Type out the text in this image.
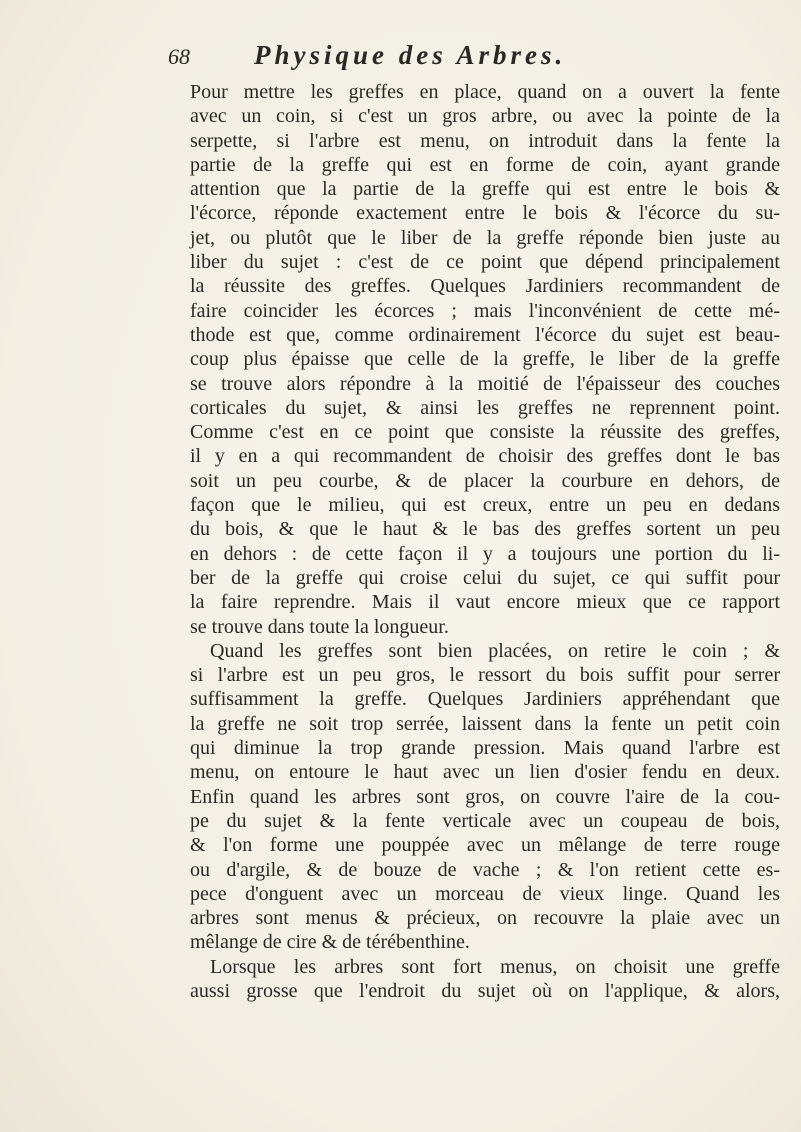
68 Physique des Arbres.
Pour mettre les greffes en place, quand on a ouvert la fente
avec un coin, si c'est un gros arbre, ou avec la pointe de la
serpette, si l'arbre est menu, on introduit dans la fente la
partie de la greffe qui est en forme de coin, ayant grande
attention que la partie de la greffe qui est entre le bois &
l'écorce, réponde exactement entre le bois & l'écorce du su-
jet, ou plutôt que le liber de la greffe réponde bien juste au
liber du sujet : c'est de ce point que dépend principalement
la réussite des greffes. Quelques Jardiniers recommandent de
faire coincider les écorces ; mais l'inconvénient de cette mé-
thode est que, comme ordinairement l'écorce du sujet est beau-
coup plus épaisse que celle de la greffe, le liber de la greffe
se trouve alors répondre à la moitié de l'épaisseur des couches
corticales du sujet, & ainsi les greffes ne reprennent point.
Comme c'est en ce point que consiste la réussite des greffes,
il y en a qui recommandent de choisir des greffes dont le bas
soit un peu courbe, & de placer la courbure en dehors, de
façon que le milieu, qui est creux, entre un peu en dedans
du bois, & que le haut & le bas des greffes sortent un peu
en dehors : de cette façon il y a toujours une portion du li-
ber de la greffe qui croise celui du sujet, ce qui suffit pour
la faire reprendre. Mais il vaut encore mieux que ce rapport
se trouve dans toute la longueur.
Quand les greffes sont bien placées, on retire le coin ; &
si l'arbre est un peu gros, le ressort du bois suffit pour serrer
suffisamment la greffe. Quelques Jardiniers appréhendant que
la greffe ne soit trop serrée, laissent dans la fente un petit coin
qui diminue la trop grande pression. Mais quand l'arbre est
menu, on entoure le haut avec un lien d'osier fendu en deux.
Enfin quand les arbres sont gros, on couvre l'aire de la cou-
pe du sujet & la fente verticale avec un coupeau de bois,
& l'on forme une pouppée avec un mêlange de terre rouge
ou d'argile, & de bouze de vache ; & l'on retient cette es-
pece d'onguent avec un morceau de vieux linge. Quand les
arbres sont menus & précieux, on recouvre la plaie avec un
mêlange de cire & de térébenthine.
Lorsque les arbres sont fort menus, on choisit une greffe
aussi grosse que l'endroit du sujet où on l'applique, & alors,
